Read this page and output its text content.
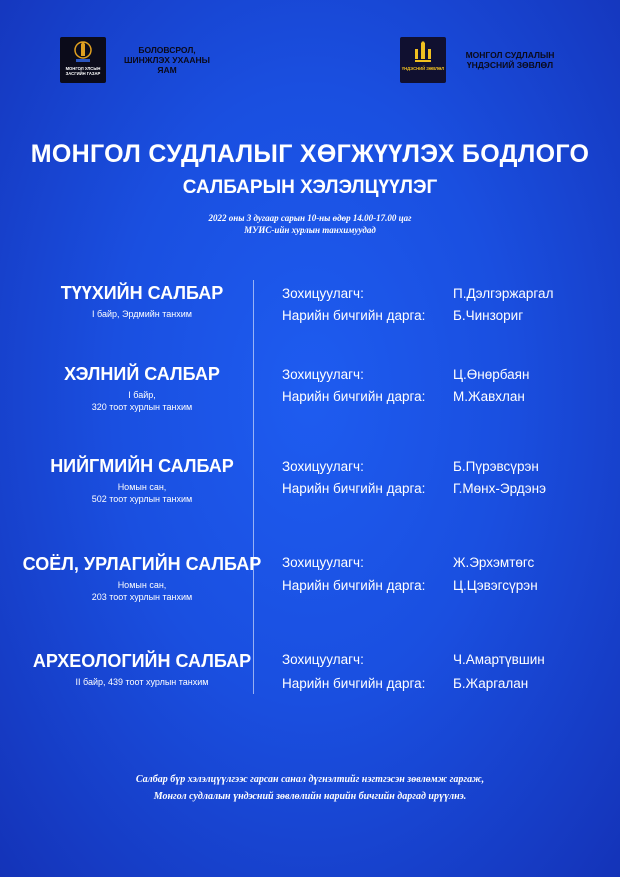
МОНГОЛ УЛСЫН ЗАСГИЙН ГАЗАР
БОЛОВСРОЛ, ШИНЖЛЭХ УХААНЫ ЯАМ	ҮНДЭСНИЙ ЗӨВЛӨЛ
МОНГОЛ СУДЛАЛЫН ҮНДЭСНИЙ ЗӨВЛӨЛ
МОНГОЛ СУДЛАЛЫГ ХӨГЖҮҮЛЭХ БОДЛОГО
САЛБАРЫН ХЭЛЭЛЦҮҮЛЭГ
2022 оны 3 дугаар сарын 10-ны өдөр 14.00-17.00 цаг
МУИС-ийн хурлын танхимуудад
ТҮҮХИЙН САЛБАР
I байр, Эрдмийн танхим
Зохицуулагч:	П.Дэлгэржаргал
Нарийн бичгийн дарга: Б.Чинзориг
ХЭЛНИЙ САЛБАР
I байр,
320 тоот хурлын танхим
Зохицуулагч:	Ц.Өнөрбаян
Нарийн бичгийн дарга: М.Жавхлан
НИЙГМИЙН САЛБАР
Номын сан,
502 тоот хурлын танхим
Зохицуулагч:	Б.Пүрэвсүрэн
Нарийн бичгийн дарга: Г.Мөнх-Эрдэнэ
СОЁЛ, УРЛАГИЙН САЛБАР
Номын сан,
203 тоот хурлын танхим
Зохицуулагч:	Ж.Эрхэмтөгс
Нарийн бичгийн дарга: Ц.Цэвэгсүрэн
АРХЕОЛОГИЙН САЛБАР
II байр, 439 тоот хурлын танхим
Зохицуулагч:	Ч.Амартүвшин
Нарийн бичгийн дарга: Б.Жаргалан
Салбар бүр хэлэлцүүлгээс гарсан санал дүгнэлтийг нэгтгэсэн зөвлөмж гаргаж,
Монгол судлалын үндэсний зөвлөлийн нарийн бичгийн даргад ирүүлнэ.
